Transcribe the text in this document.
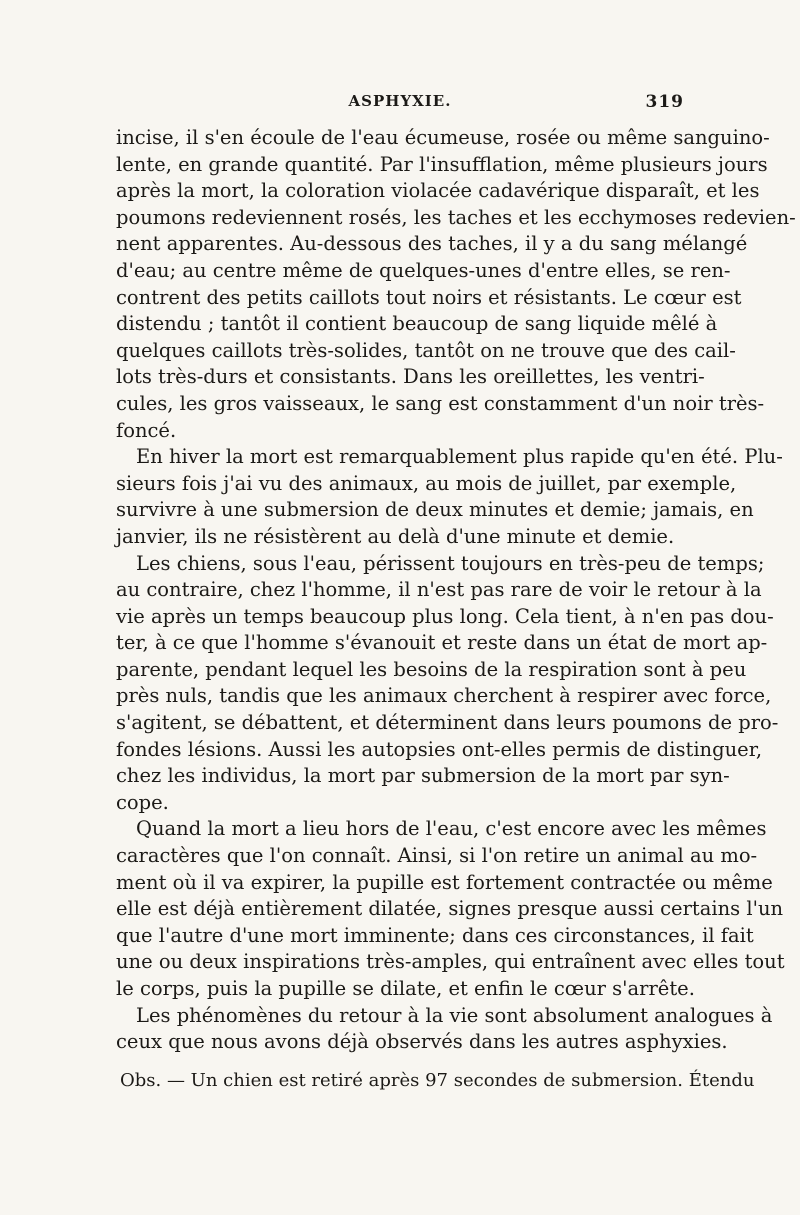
ASPHYXIE.	319
incise, il s'en écoule de l'eau écumeuse, rosée ou même sanguino-
lente, en grande quantité. Par l'insufflation, même plusieurs jours
après la mort, la coloration violacée cadavérique disparaît, et les
poumons redeviennent rosés, les taches et les ecchymoses redevien-
nent apparentes. Au-dessous des taches, il y a du sang mélangé
d'eau; au centre même de quelques-unes d'entre elles, se ren-
contrent des petits caillots tout noirs et résistants. Le cœur est
distendu ; tantôt il contient beaucoup de sang liquide mêlé à
quelques caillots très-solides, tantôt on ne trouve que des cail-
lots très-durs et consistants. Dans les oreillettes, les ventri-
cules, les gros vaisseaux, le sang est constamment d'un noir très-
foncé.
En hiver la mort est remarquablement plus rapide qu'en été. Plu-
sieurs fois j'ai vu des animaux, au mois de juillet, par exemple,
survivre à une submersion de deux minutes et demie; jamais, en
janvier, ils ne résistèrent au delà d'une minute et demie.
Les chiens, sous l'eau, périssent toujours en très-peu de temps;
au contraire, chez l'homme, il n'est pas rare de voir le retour à la
vie après un temps beaucoup plus long. Cela tient, à n'en pas dou-
ter, à ce que l'homme s'évanouit et reste dans un état de mort ap-
parente, pendant lequel les besoins de la respiration sont à peu
près nuls, tandis que les animaux cherchent à respirer avec force,
s'agitent, se débattent, et déterminent dans leurs poumons de pro-
fondes lésions. Aussi les autopsies ont-elles permis de distinguer,
chez les individus, la mort par submersion de la mort par syn-
cope.
Quand la mort a lieu hors de l'eau, c'est encore avec les mêmes
caractères que l'on connaît. Ainsi, si l'on retire un animal au mo-
ment où il va expirer, la pupille est fortement contractée ou même
elle est déjà entièrement dilatée, signes presque aussi certains l'un
que l'autre d'une mort imminente; dans ces circonstances, il fait
une ou deux inspirations très-amples, qui entraînent avec elles tout
le corps, puis la pupille se dilate, et enfin le cœur s'arrête.
Les phénomènes du retour à la vie sont absolument analogues à
ceux que nous avons déjà observés dans les autres asphyxies.
Obs. — Un chien est retiré après 97 secondes de submersion. Étendu
